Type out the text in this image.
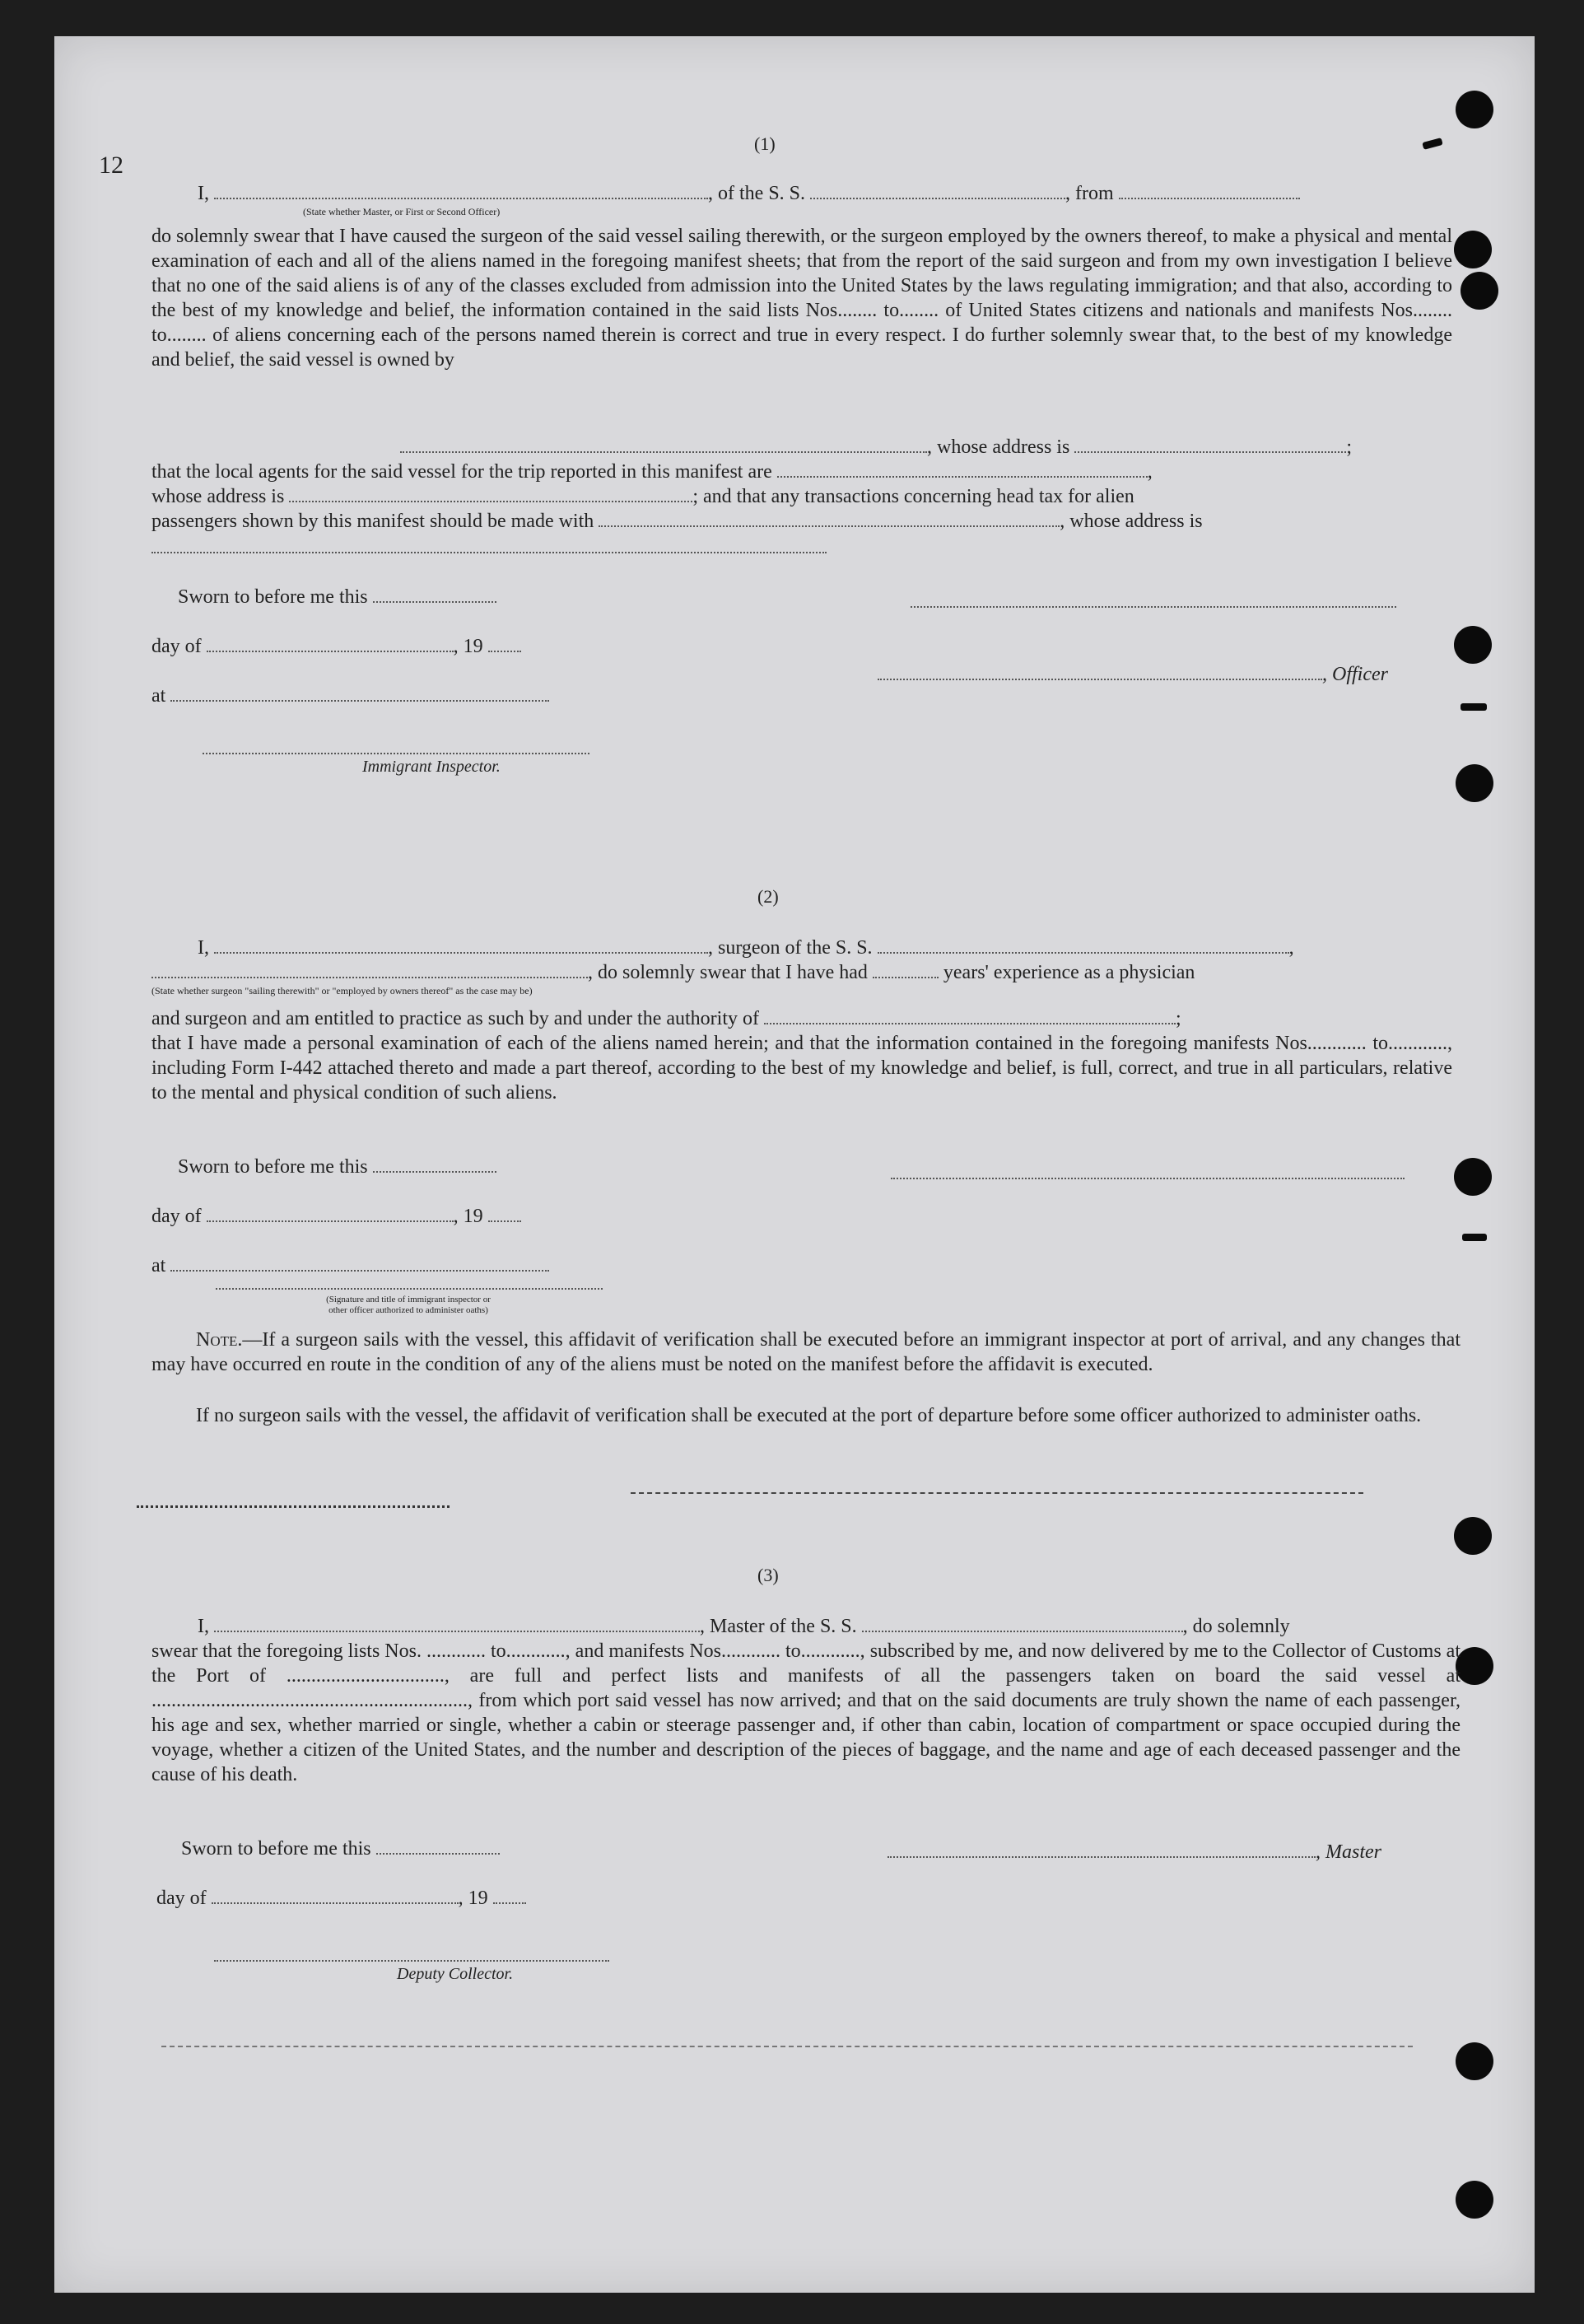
12
(1)
I,	, of the S. S.	, from
(State whether Master, or First or Second Officer)
do solemnly swear that I have caused the surgeon of the said vessel sailing therewith, or the surgeon employed by the owners thereof, to make a physical and mental examination of each and all of the aliens named in the foregoing manifest sheets; that from the report of the said surgeon and from my own investigation I believe that no one of the said aliens is of any of the classes excluded from admission into the United States by the laws regulating immigration; and that also, according to the best of my knowledge and belief, the information contained in the said lists Nos........ to........ of United States citizens and nationals and manifests Nos........ to........ of aliens concerning each of the persons named therein is correct and true in every respect. I do further solemnly swear that, to the best of my knowledge and belief, the said vessel is owned by
, whose address is	;
that the local agents for the said vessel for the trip reported in this manifest are	,
whose address is	; and that any transactions concerning head tax for alien
passengers shown by this manifest should be made with	, whose address is
Sworn to before me this
day of	, 19
at
, Officer
Immigrant Inspector.
(2)
I,	, surgeon of the S. S.	,
, do solemnly swear that I have had	years' experience as a physician
(State whether surgeon "sailing therewith" or "employed by owners thereof" as the case may be)
and surgeon and am entitled to practice as such by and under the authority of	;
that I have made a personal examination of each of the aliens named herein; and that the information contained in the foregoing manifests Nos............ to............, including Form I-442 attached thereto and made a part thereof, according to the best of my knowledge and belief, is full, correct, and true in all particulars, relative to the mental and physical condition of such aliens.
Sworn to before me this
day of	, 19
at
(Signature and title of immigrant inspector or
other officer authorized to administer oaths)
Note.—If a surgeon sails with the vessel, this affidavit of verification shall be executed before an immigrant inspector at port of arrival, and any changes that may have occurred en route in the condition of any of the aliens must be noted on the manifest before the affidavit is executed.
If no surgeon sails with the vessel, the affidavit of verification shall be executed at the port of departure before some officer authorized to administer oaths.
(3)
I,	, Master of the S. S.	, do solemnly
swear that the foregoing lists Nos. ............ to............, and manifests Nos............ to............, subscribed by me, and now delivered by me to the Collector of Customs at the Port of ................................, are full and perfect lists and manifests of all the passengers taken on board the said vessel at ................................................................, from which port said vessel has now arrived; and that on the said documents are truly shown the name of each passenger, his age and sex, whether married or single, whether a cabin or steerage passenger and, if other than cabin, location of compartment or space occupied during the voyage, whether a citizen of the United States, and the number and description of the pieces of baggage, and the name and age of each deceased passenger and the cause of his death.
Sworn to before me this	, Master
day of	, 19
Deputy Collector.
